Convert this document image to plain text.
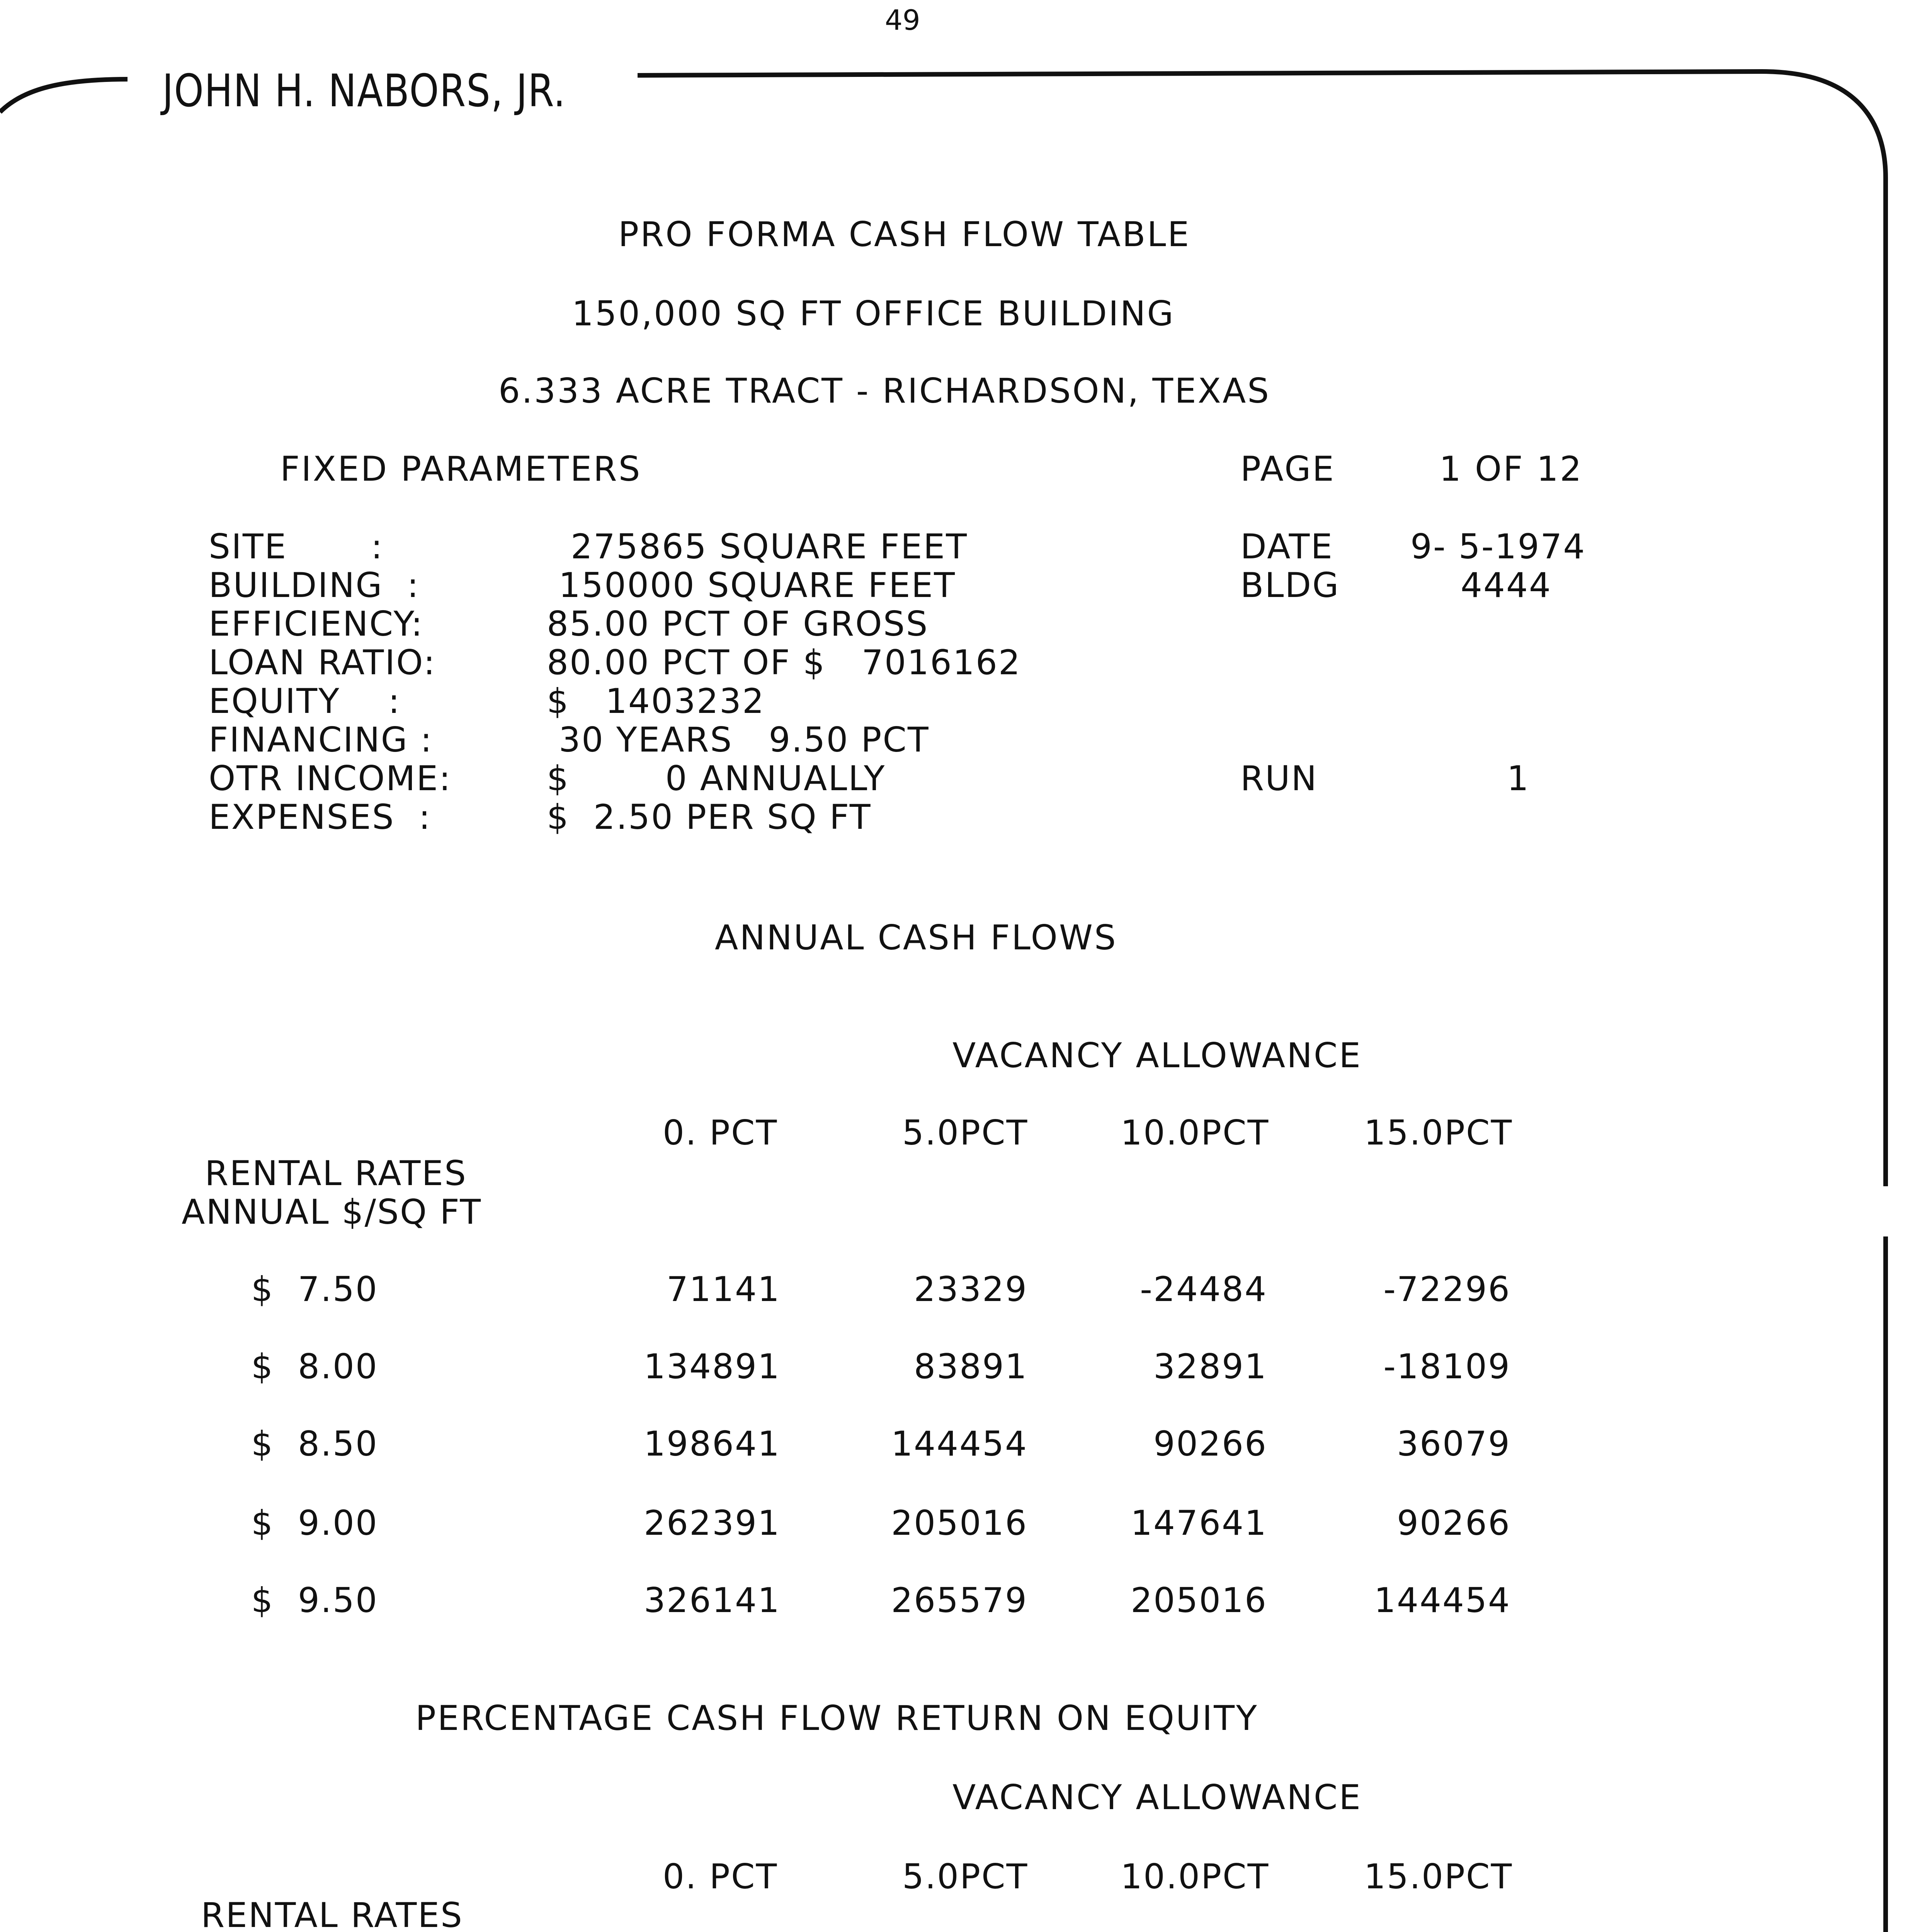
49
JOHN H. NABORS, JR.
PRO FORMA CASH FLOW TABLE
150,000 SQ FT OFFICE BUILDING
6.333 ACRE TRACT - RICHARDSON, TEXAS
FIXED PARAMETERS	PAGE	1 OF 12
SITE       :	275865 SQUARE FEET
BUILDING  :	150000 SQUARE FEET
EFFICIENCY:	85.00 PCT OF GROSS
LOAN RATIO:	80.00 PCT OF $   7016162
EQUITY    :	$   1403232
FINANCING :	30 YEARS   9.50 PCT
OTR INCOME:	$        0 ANNUALLY
EXPENSES  :	$  2.50 PER SQ FT
DATE 9- 5-1974
BLDG	4444
RUN	1
ANNUAL CASH FLOWS
VACANCY ALLOWANCE
0. PCT	5.0PCT	10.0PCT	15.0PCT
RENTAL RATES
ANNUAL $/SQ FT
$  7.50	71141	23329	-24484	-72296
$  8.00	134891	83891	32891	-18109
$  8.50	198641	144454	90266	36079
$  9.00	262391	205016	147641	90266
$  9.50	326141	265579	205016	144454
PERCENTAGE CASH FLOW RETURN ON EQUITY
VACANCY ALLOWANCE
0. PCT	5.0PCT	10.0PCT	15.0PCT
RENTAL RATES
